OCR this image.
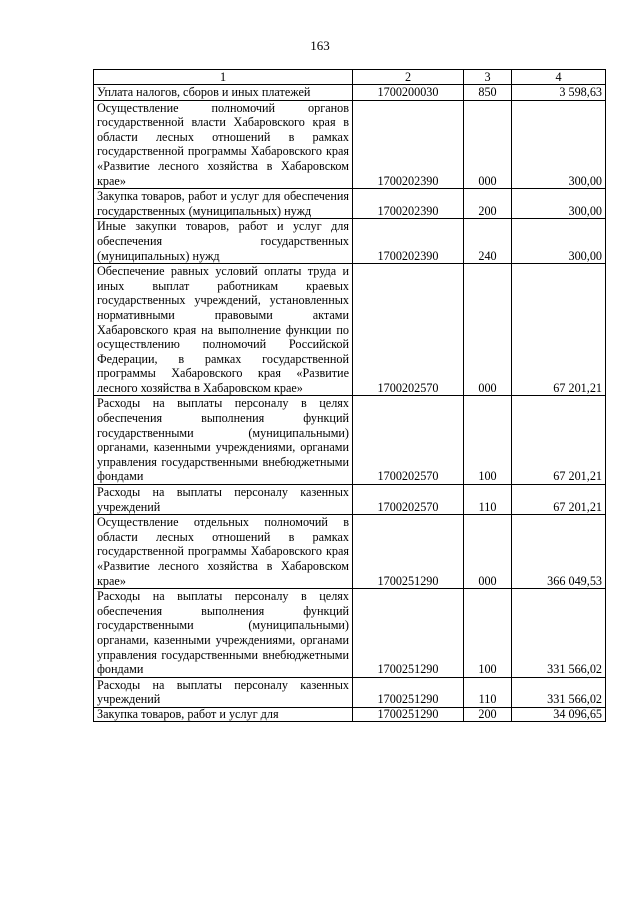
163
1	2	3	4
Уплата налогов, сборов и иных платежей	1700200030	850	3 598,63
Осуществление полномочий органов государственной власти Хабаровского края в области лесных отношений в рамках государственной программы Хабаровского края «Развитие лесного хозяйства в Хабаровском крае»	1700202390	000	300,00
Закупка товаров, работ и услуг для обеспечения государственных (муниципальных) нужд	1700202390	200	300,00
Иные закупки товаров, работ и услуг для обеспечения государственных (муниципальных) нужд	1700202390	240	300,00
Обеспечение равных условий оплаты труда и иных выплат работникам краевых государственных учреждений, установленных нормативными правовыми актами Хабаровского края на выполнение функции по осуществлению полномочий Российской Федерации, в рамках государственной программы Хабаровского края «Развитие лесного хозяйства в Хабаровском крае»	1700202570	000	67 201,21
Расходы на выплаты персоналу в целях обеспечения выполнения функций государственными (муниципальными) органами, казенными учреждениями, органами управления государственными внебюджетными фондами	1700202570	100	67 201,21
Расходы на выплаты персоналу казенных учреждений	1700202570	110	67 201,21
Осуществление отдельных полномочий в области лесных отношений в рамках государственной программы Хабаровского края «Развитие лесного хозяйства в Хабаровском крае»	1700251290	000	366 049,53
Расходы на выплаты персоналу в целях обеспечения выполнения функций государственными (муниципальными) органами, казенными учреждениями, органами управления государственными внебюджетными фондами	1700251290	100	331 566,02
Расходы на выплаты персоналу казенных учреждений	1700251290	110	331 566,02
Закупка товаров, работ и услуг для	1700251290	200	34 096,65
